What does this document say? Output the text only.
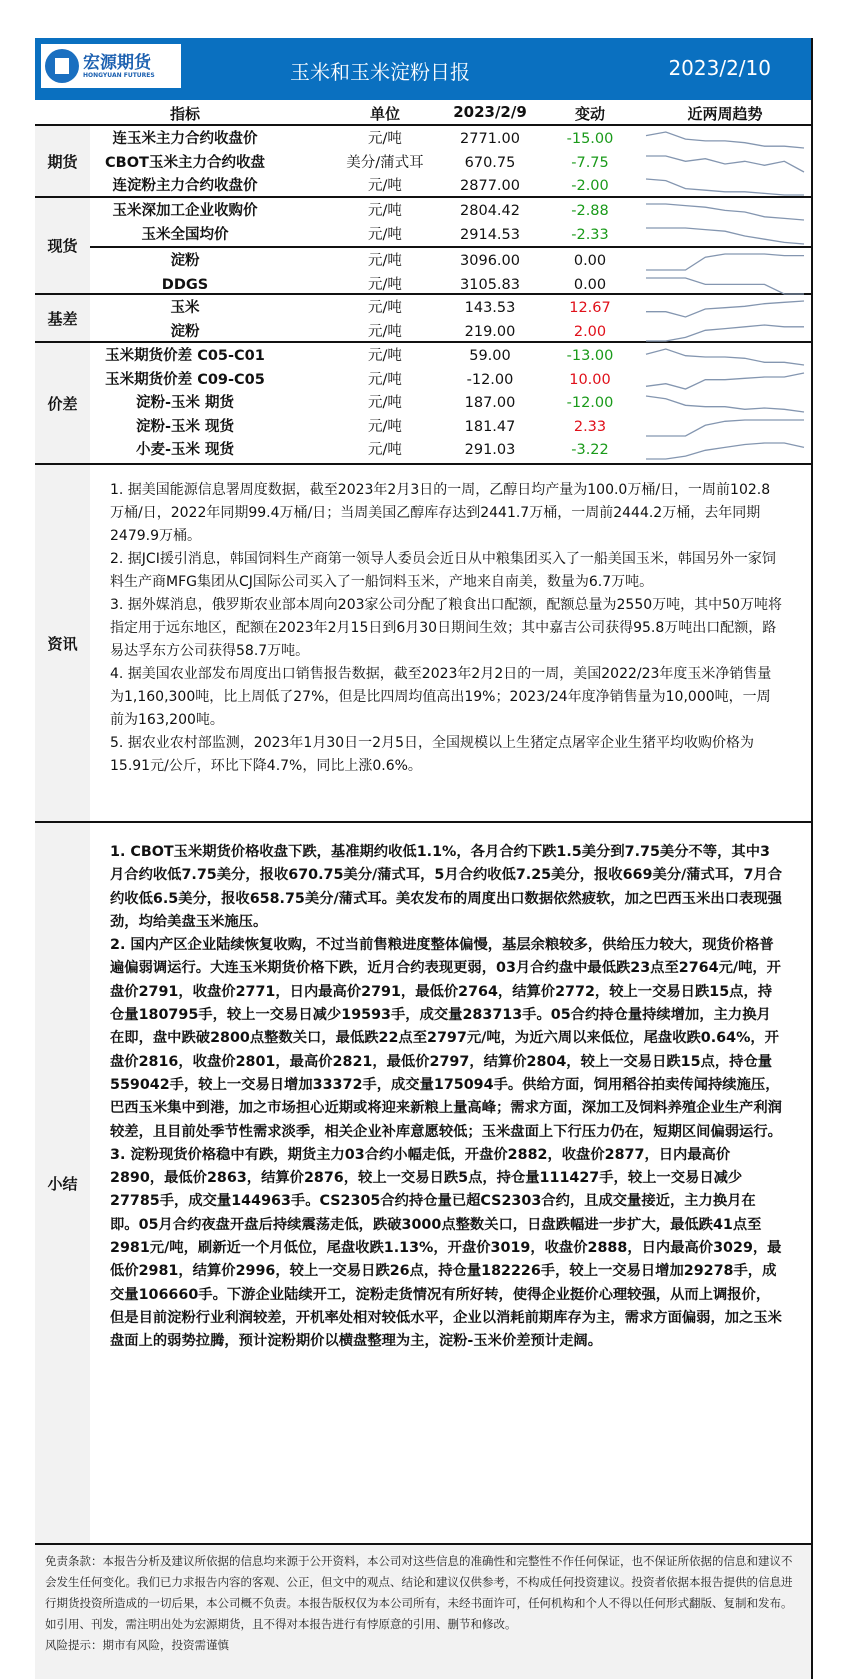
宏源期货
HONGYUAN FUTURES	玉米和玉米淀粉日报	2023/2/10
指标	单位	2023/2/9	变动	近两周趋势
期货
连玉米主力合约收盘价	元/吨	2771.00	-15.00
CBOT玉米主力合约收盘	美分/蒲式耳	670.75	-7.75
连淀粉主力合约收盘价	元/吨	2877.00	-2.00
现货
玉米深加工企业收购价	元/吨	2804.42	-2.88
玉米全国均价	元/吨	2914.53	-2.33
淀粉	元/吨	3096.00	0.00
DDGS	元/吨	3105.83	0.00
基差
玉米	元/吨	143.53	12.67
淀粉	元/吨	219.00	2.00
价差
玉米期货价差 C05-C01	元/吨	59.00	-13.00
玉米期货价差 C09-C05	元/吨	-12.00	10.00
淀粉-玉米 期货	元/吨	187.00	-12.00
淀粉-玉米 现货	元/吨	181.47	2.33
小麦-玉米 现货	元/吨	291.03	-3.22
资讯

1. 据美国能源信息署周度数据，截至2023年2月3日的一周，乙醇日均产量为100.0万桶/日，一周前102.8万桶/日，2022年同期99.4万桶/日；当周美国乙醇库存达到2441.7万桶，一周前2444.2万桶，去年同期2479.9万桶。

2. 据JCI援引消息，韩国饲料生产商第一领导人委员会近日从中粮集团买入了一船美国玉米，韩国另外一家饲料生产商MFG集团从CJ国际公司买入了一船饲料玉米，产地来自南美，数量为6.7万吨。

3. 据外媒消息，俄罗斯农业部本周向203家公司分配了粮食出口配额，配额总量为2550万吨，其中50万吨将指定用于远东地区，配额在2023年2月15日到6月30日期间生效；其中嘉吉公司获得95.8万吨出口配额，路易达孚东方公司获得58.7万吨。

4. 据美国农业部发布周度出口销售报告数据，截至2023年2月2日的一周，美国2022/23年度玉米净销售量为1,160,300吨，比上周低了27%，但是比四周均值高出19%；2023/24年度净销售量为10,000吨，一周前为163,200吨。

5. 据农业农村部监测，2023年1月30日一2月5日，全国规模以上生猪定点屠宰企业生猪平均收购价格为15.91元/公斤，环比下降4.7%，同比上涨0.6%。

小结

1. CBOT玉米期货价格收盘下跌，基准期约收低1.1%，各月合约下跌1.5美分到7.75美分不等，其中3月合约收低7.75美分，报收670.75美分/蒲式耳，5月合约收低7.25美分，报收669美分/蒲式耳，7月合约收低6.5美分，报收658.75美分/蒲式耳。美农发布的周度出口数据依然疲软，加之巴西玉米出口表现强劲，均给美盘玉米施压。

2. 国内产区企业陆续恢复收购，不过当前售粮进度整体偏慢，基层余粮较多，供给压力较大，现货价格普遍偏弱调运行。大连玉米期货价格下跌，近月合约表现更弱，03月合约盘中最低跌23点至2764元/吨，开盘价2791，收盘价2771，日内最高价2791，最低价2764，结算价2772，较上一交易日跌15点，持仓量180795手，较上一交易日减少19593手，成交量283713手。05合约持仓量持续增加，主力换月在即，盘中跌破2800点整数关口，最低跌22点至2797元/吨，为近六周以来低位，尾盘收跌0.64%，开盘价2816，收盘价2801，最高价2821，最低价2797，结算价2804，较上一交易日跌15点，持仓量559042手，较上一交易日增加33372手，成交量175094手。供给方面，饲用稻谷拍卖传闻持续施压，巴西玉米集中到港，加之市场担心近期或将迎来新粮上量高峰；需求方面，深加工及饲料养殖企业生产利润较差，且目前处季节性需求淡季，相关企业补库意愿较低；玉米盘面上下行压力仍在，短期区间偏弱运行。

3. 淀粉现货价格稳中有跌，期货主力03合约小幅走低，开盘价2882，收盘价2877，日内最高价2890，最低价2863，结算价2876，较上一交易日跌5点，持仓量111427手，较上一交易日减少27785手，成交量144963手。CS2305合约持仓量已超CS2303合约，且成交量接近，主力换月在即。05月合约夜盘开盘后持续震荡走低，跌破3000点整数关口，日盘跌幅进一步扩大，最低跌41点至2981元/吨，刷新近一个月低位，尾盘收跌1.13%，开盘价3019，收盘价2888，日内最高价3029，最低价2981，结算价2996，较上一交易日跌26点，持仓量182226手，较上一交易日增加29278手，成交量106660手。下游企业陆续开工，淀粉走货情况有所好转，使得企业挺价心理较强，从而上调报价，但是目前淀粉行业利润较差，开机率处相对较低水平，企业以消耗前期库存为主，需求方面偏弱，加之玉米盘面上的弱势拉腾，预计淀粉期价以横盘整理为主，淀粉-玉米价差预计走阔。

免责条款：本报告分析及建议所依据的信息均来源于公开资料，本公司对这些信息的准确性和完整性不作任何保证，也不保证所依据的信息和建议不会发生任何变化。我们已力求报告内容的客观、公正，但文中的观点、结论和建议仅供参考，不构成任何投资建议。投资者依据本报告提供的信息进行期货投资所造成的一切后果，本公司概不负责。本报告版权仅为本公司所有，未经书面许可，任何机构和个人不得以任何形式翻版、复制和发布。如引用、刊发，需注明出处为宏源期货，且不得对本报告进行有悖原意的引用、删节和修改。

风险提示：期市有风险，投资需谨慎
